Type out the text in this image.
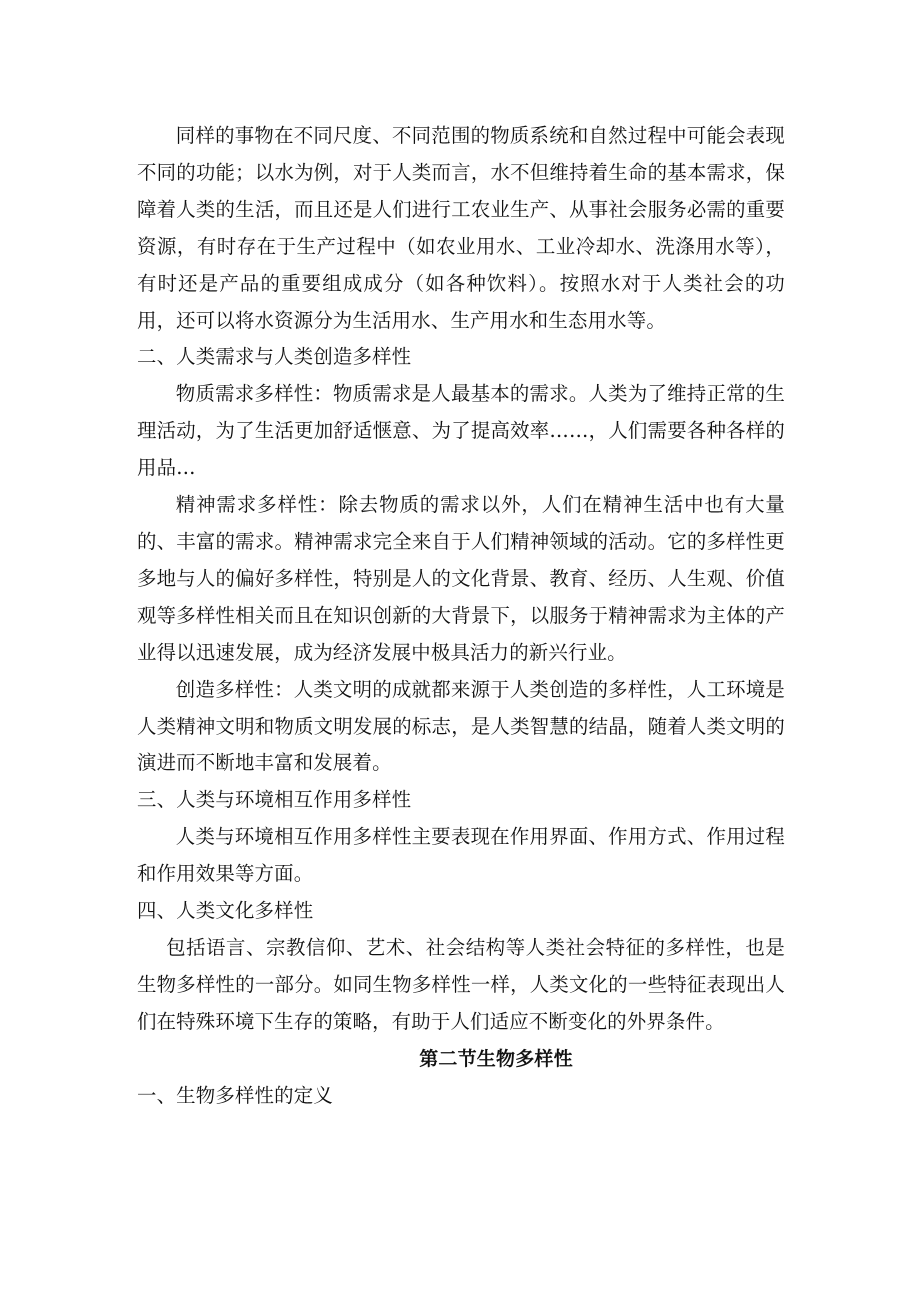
同样的事物在不同尺度、不同范围的物质系统和自然过程中可能会表现不同的功能；以水为例，对于人类而言，水不但维持着生命的基本需求，保障着人类的生活，而且还是人们进行工农业生产、从事社会服务必需的重要资源，有时存在于生产过程中（如农业用水、工业冷却水、洗涤用水等），有时还是产品的重要组成成分（如各种饮料）。按照水对于人类社会的功用，还可以将水资源分为生活用水、生产用水和生态用水等。

二、人类需求与人类创造多样性

物质需求多样性：物质需求是人最基本的需求。人类为了维持正常的生理活动，为了生活更加舒适惬意、为了提高效率……，人们需要各种各样的用品…

精神需求多样性：除去物质的需求以外，人们在精神生活中也有大量的、丰富的需求。精神需求完全来自于人们精神领域的活动。它的多样性更多地与人的偏好多样性，特别是人的文化背景、教育、经历、人生观、价值观等多样性相关而且在知识创新的大背景下，以服务于精神需求为主体的产业得以迅速发展，成为经济发展中极具活力的新兴行业。

创造多样性：人类文明的成就都来源于人类创造的多样性，人工环境是人类精神文明和物质文明发展的标志，是人类智慧的结晶，随着人类文明的演进而不断地丰富和发展着。

三、人类与环境相互作用多样性

人类与环境相互作用多样性主要表现在作用界面、作用方式、作用过程和作用效果等方面。

四、人类文化多样性

包括语言、宗教信仰、艺术、社会结构等人类社会特征的多样性，也是生物多样性的一部分。如同生物多样性一样，人类文化的一些特征表现出人们在特殊环境下生存的策略，有助于人们适应不断变化的外界条件。

第二节生物多样性

一、生物多样性的定义
